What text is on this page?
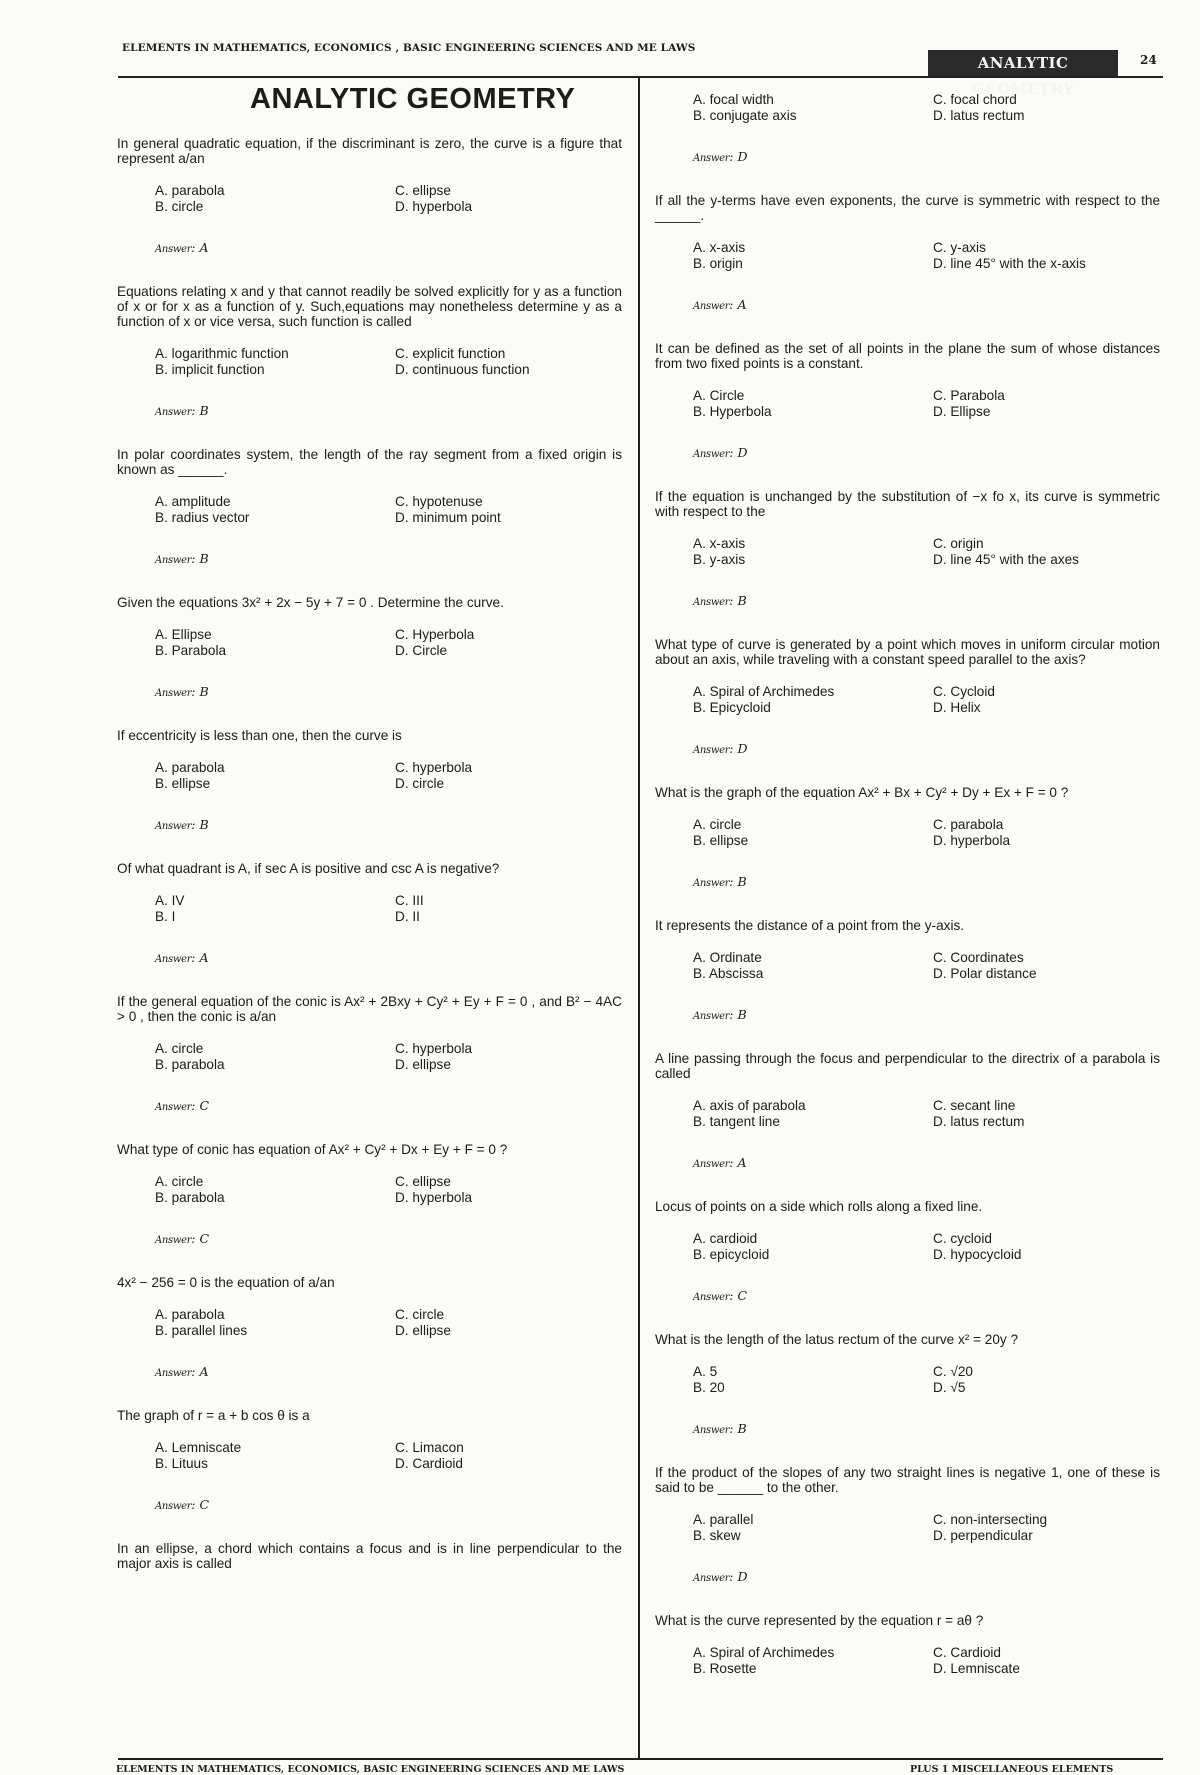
ELEMENTS IN MATHEMATICS, ECONOMICS , BASIC ENGINEERING SCIENCES AND ME LAWS
ANALYTIC GEOMETRY
24
ANALYTIC GEOMETRY
In general quadratic equation, if the discriminant is zero, the curve is a figure that represent a/an
A. parabola
B. circle
C. ellipse
D. hyperbola
Answer: A
Equations relating x and y that cannot readily be solved explicitly for y as a function of x or for x as a function of y. Such,equations may nonetheless determine y as a function of x or vice versa, such function is called
A. logarithmic function
B. implicit function
C. explicit function
D. continuous function
Answer: B
In polar coordinates system, the length of the ray segment from a fixed origin is known as ______.
A. amplitude
B. radius vector
C. hypotenuse
D. minimum point
Answer: B
Given the equations 3x² + 2x − 5y + 7 = 0 . Determine the curve.
A. Ellipse
B. Parabola
C. Hyperbola
D. Circle
Answer: B
If eccentricity is less than one, then the curve is
A. parabola
B. ellipse
C. hyperbola
D. circle
Answer: B
Of what quadrant is A, if sec A is positive and csc A is negative?
A. IV
B. I
C. III
D. II
Answer: A
If the general equation of the conic is Ax² + 2Bxy + Cy² + Ey + F = 0 , and B² − 4AC > 0 , then the conic is a/an
A. circle
B. parabola
C. hyperbola
D. ellipse
Answer: C
What type of conic has equation of Ax² + Cy² + Dx + Ey + F = 0 ?
A. circle
B. parabola
C. ellipse
D. hyperbola
Answer: C
4x² − 256 = 0 is the equation of a/an
A. parabola
B. parallel lines
C. circle
D. ellipse
Answer: A
The graph of r = a + b cos θ is a
A. Lemniscate
B. Lituus
C. Limacon
D. Cardioid
Answer: C
In an ellipse, a chord which contains a focus and is in line perpendicular to the major axis is called
A. focal width
B. conjugate axis
C. focal chord
D. latus rectum
Answer: D
If all the y-terms have even exponents, the curve is symmetric with respect to the ______.
A. x-axis
B. origin
C. y-axis
D. line 45° with the x-axis
Answer: A
It can be defined as the set of all points in the plane the sum of whose distances from two fixed points is a constant.
A. Circle
B. Hyperbola
C. Parabola
D. Ellipse
Answer: D
If the equation is unchanged by the substitution of −x fo x, its curve is symmetric with respect to the
A. x-axis
B. y-axis
C. origin
D. line 45° with the axes
Answer: B
What type of curve is generated by a point which moves in uniform circular motion about an axis, while traveling with a constant speed parallel to the axis?
A. Spiral of Archimedes
B. Epicycloid
C. Cycloid
D. Helix
Answer: D
What is the graph of the equation Ax² + Bx + Cy² + Dy + Ex + F = 0 ?
A. circle
B. ellipse
C. parabola
D. hyperbola
Answer: B
It represents the distance of a point from the y-axis.
A. Ordinate
B. Abscissa
C. Coordinates
D. Polar distance
Answer: B
A line passing through the focus and perpendicular to the directrix of a parabola is called
A. axis of parabola
B. tangent line
C. secant line
D. latus rectum
Answer: A
Locus of points on a side which rolls along a fixed line.
A. cardioid
B. epicycloid
C. cycloid
D. hypocycloid
Answer: C
What is the length of the latus rectum of the curve x² = 20y ?
A. 5
B. 20
C. √20
D. √5
Answer: B
If the product of the slopes of any two straight lines is negative 1, one of these is said to be ______ to the other.
A. parallel
B. skew
C. non-intersecting
D. perpendicular
Answer: D
What is the curve represented by the equation r = aθ ?
A. Spiral of Archimedes
B. Rosette
C. Cardioid
D. Lemniscate
ELEMENTS IN MATHEMATICS, ECONOMICS, BASIC ENGINEERING SCIENCES AND ME LAWS	PLUS 1 MISCELLANEOUS ELEMENTS
